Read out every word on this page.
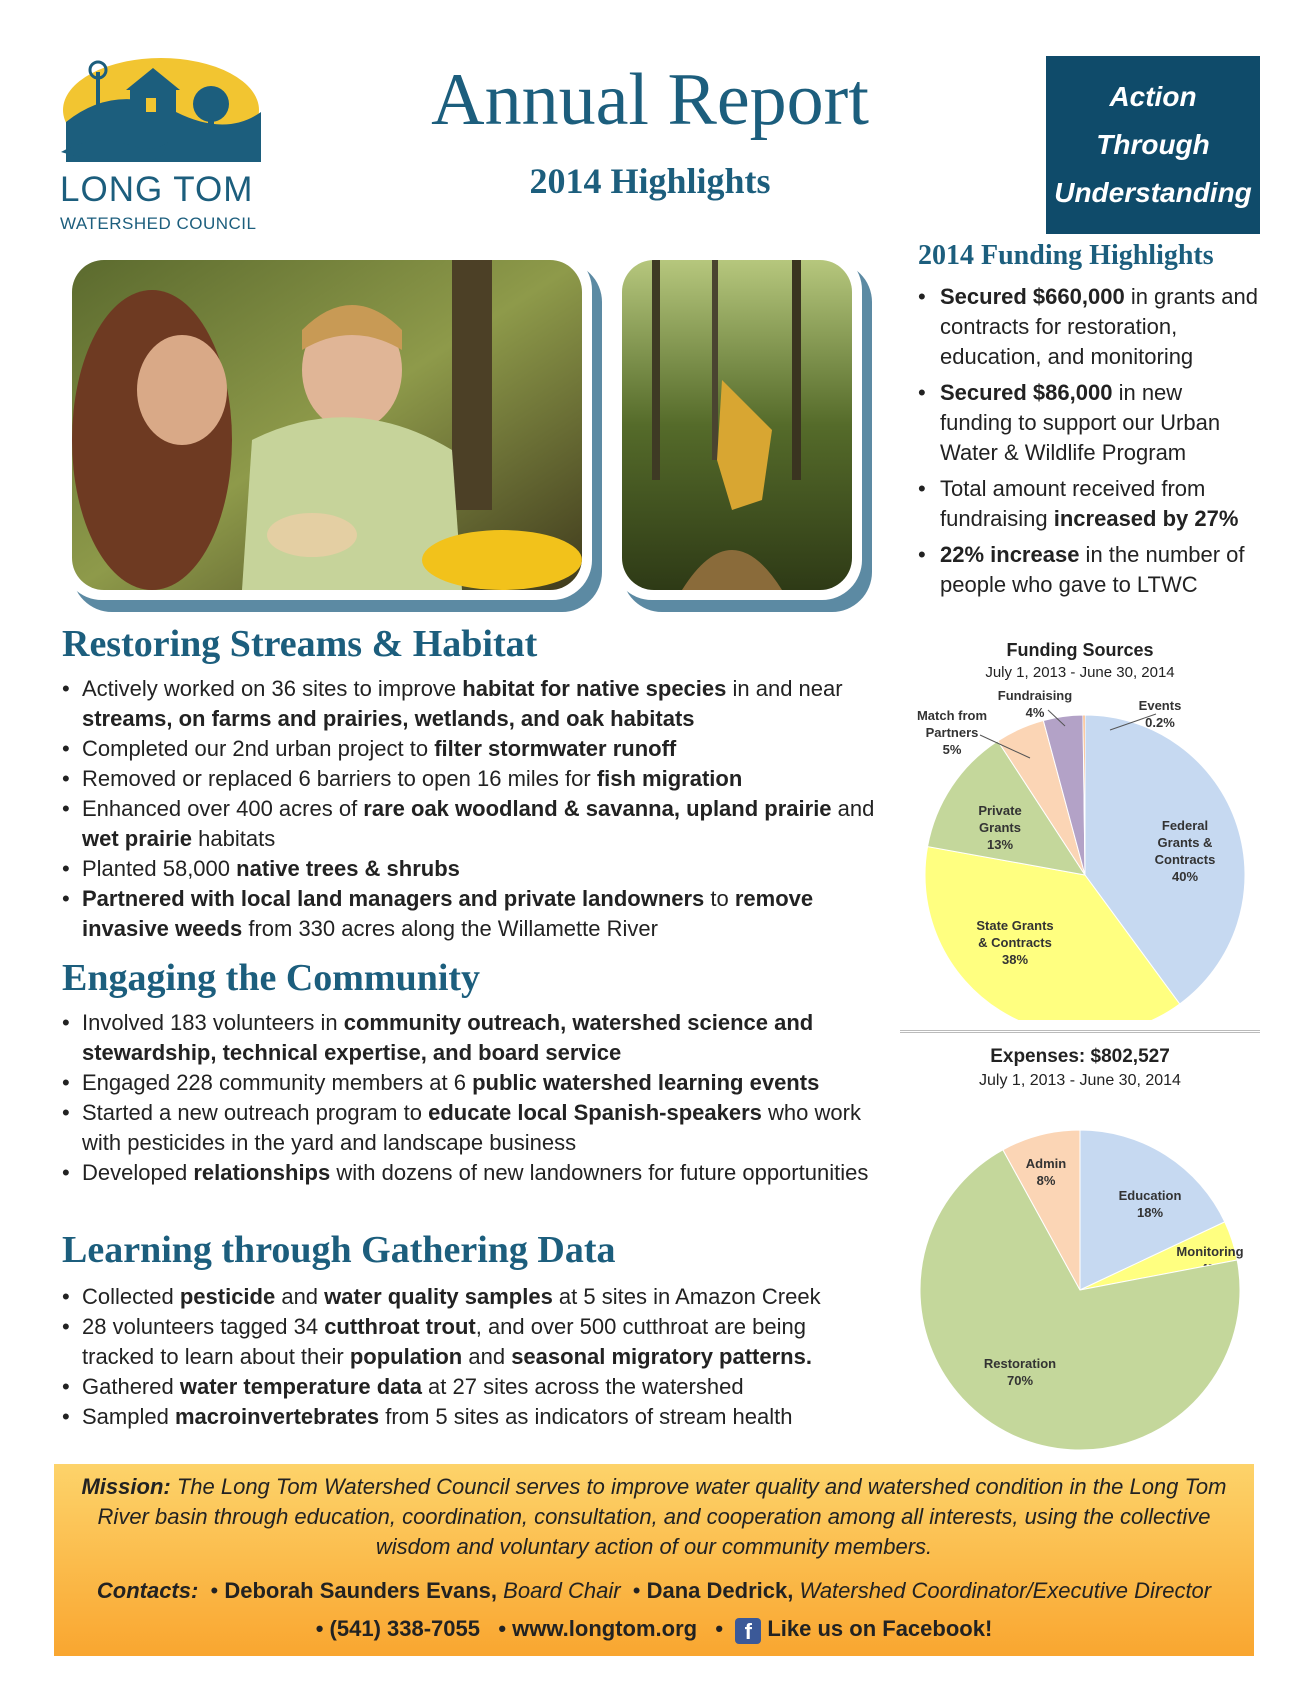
LONG TOM
WATERSHED COUNCIL
Annual Report
2014 Highlights
Action
Through
Understanding
2014 Funding Highlights
• Secured $660,000 in grants and contracts for restoration, education, and monitoring
• Secured $86,000 in new funding to support our Urban Water & Wildlife Program
• Total amount received from fundraising increased by 27%
• 22% increase in the number of people who gave to LTWC
Restoring Streams & Habitat
• Actively worked on 36 sites to improve habitat for native species in and near streams, on farms and prairies, wetlands, and oak habitats
• Completed our 2nd urban project to filter stormwater runoff
• Removed or replaced 6 barriers to open 16 miles for fish migration
• Enhanced over 400 acres of rare oak woodland & savanna, upland prairie and wet prairie habitats
• Planted 58,000 native trees & shrubs
• Partnered with local land managers and private landowners to remove invasive weeds from 330 acres along the Willamette River
Engaging the Community
• Involved 183 volunteers in community outreach, watershed science and stewardship, technical expertise, and board service
• Engaged 228 community members at 6 public watershed learning events
• Started a new outreach program to educate local Spanish-speakers who work with pesticides in the yard and landscape business
• Developed relationships with dozens of new landowners for future opportunities
Learning through Gathering Data
• Collected pesticide and water quality samples at 5 sites in Amazon Creek
• 28 volunteers tagged 34 cutthroat trout, and over 500 cutthroat are being tracked to learn about their population and seasonal migratory patterns.
• Gathered water temperature data at 27 sites across the watershed
• Sampled macroinvertebrates from 5 sites as indicators of stream health
Funding Sources
July 1, 2013 - June 30, 2014
Federal Grants & Contracts 40%
State Grants & Contracts 38%
Private Grants 13%
Match from Partners 5%
Fundraising 4%	Events 0.2%
Expenses: $802,527
July 1, 2013 - June 30, 2014
Education 18%
Monitoring
Restoration 70%
Admin 8%
Mission: The Long Tom Watershed Council serves to improve water quality and watershed condition in the Long Tom River basin through education, coordination, consultation, and cooperation among all interests, using the collective wisdom and voluntary action of our community members.
Contacts:  • Deborah Saunders Evans, Board Chair  • Dana Dedrick, Watershed Coordinator/Executive Director
• (541) 338-7055   • www.longtom.org   •  f Like us on Facebook!
